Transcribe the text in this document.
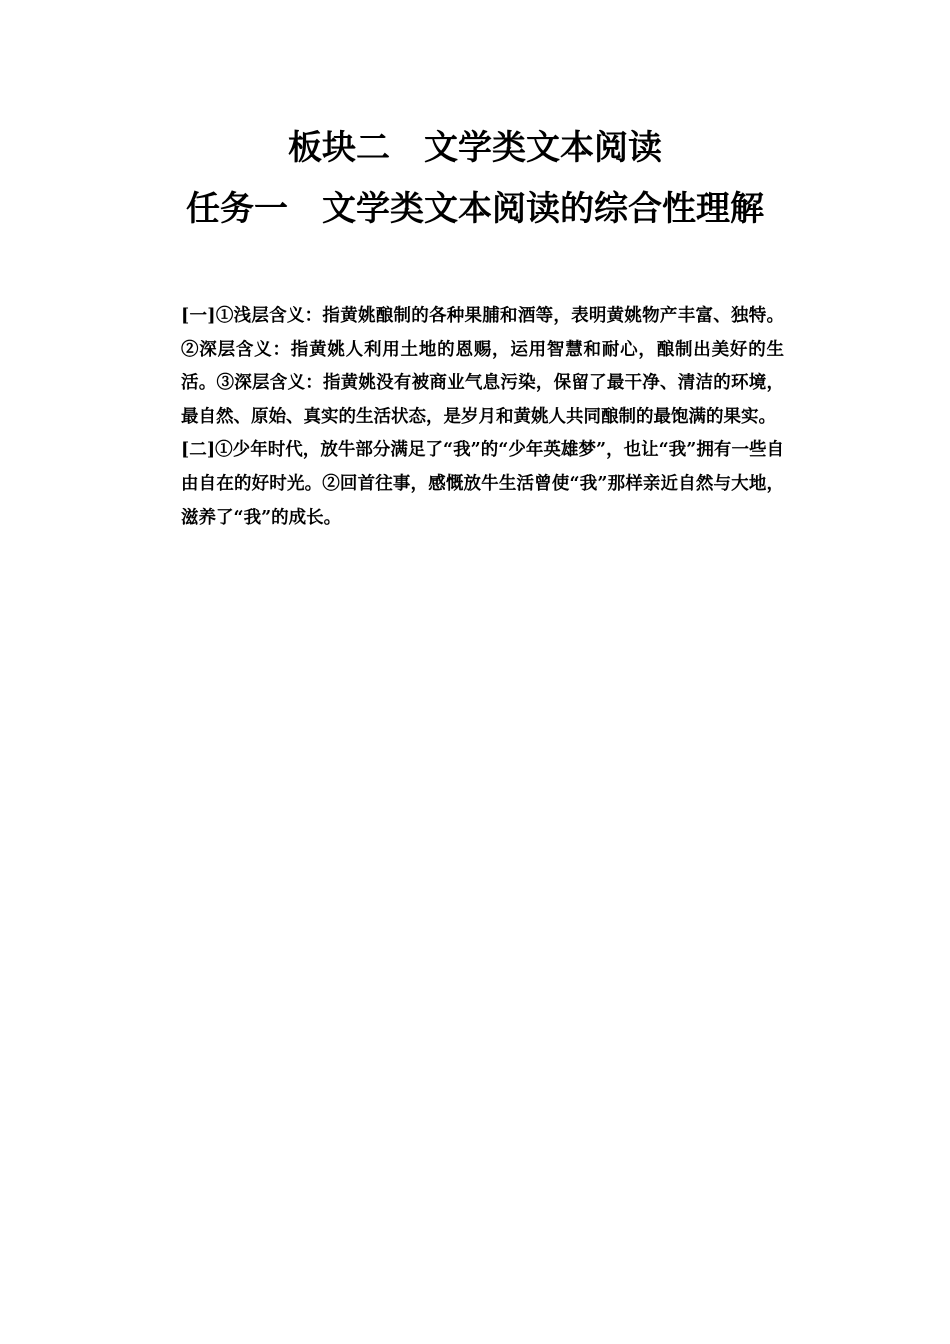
板块二　文学类文本阅读
任务一　文学类文本阅读的综合性理解

[一]①浅层含义：指黄姚酿制的各种果脯和酒等，表明黄姚物产丰富、独特。②深层含义：指黄姚人利用土地的恩赐，运用智慧和耐心，酿制出美好的生活。③深层含义：指黄姚没有被商业气息污染，保留了最干净、清洁的环境，最自然、原始、真实的生活状态，是岁月和黄姚人共同酿制的最饱满的果实。

[二]①少年时代，放牛部分满足了“我”的“少年英雄梦”，也让“我”拥有一些自由自在的好时光。②回首往事，感慨放牛生活曾使“我”那样亲近自然与大地，滋养了“我”的成长。
